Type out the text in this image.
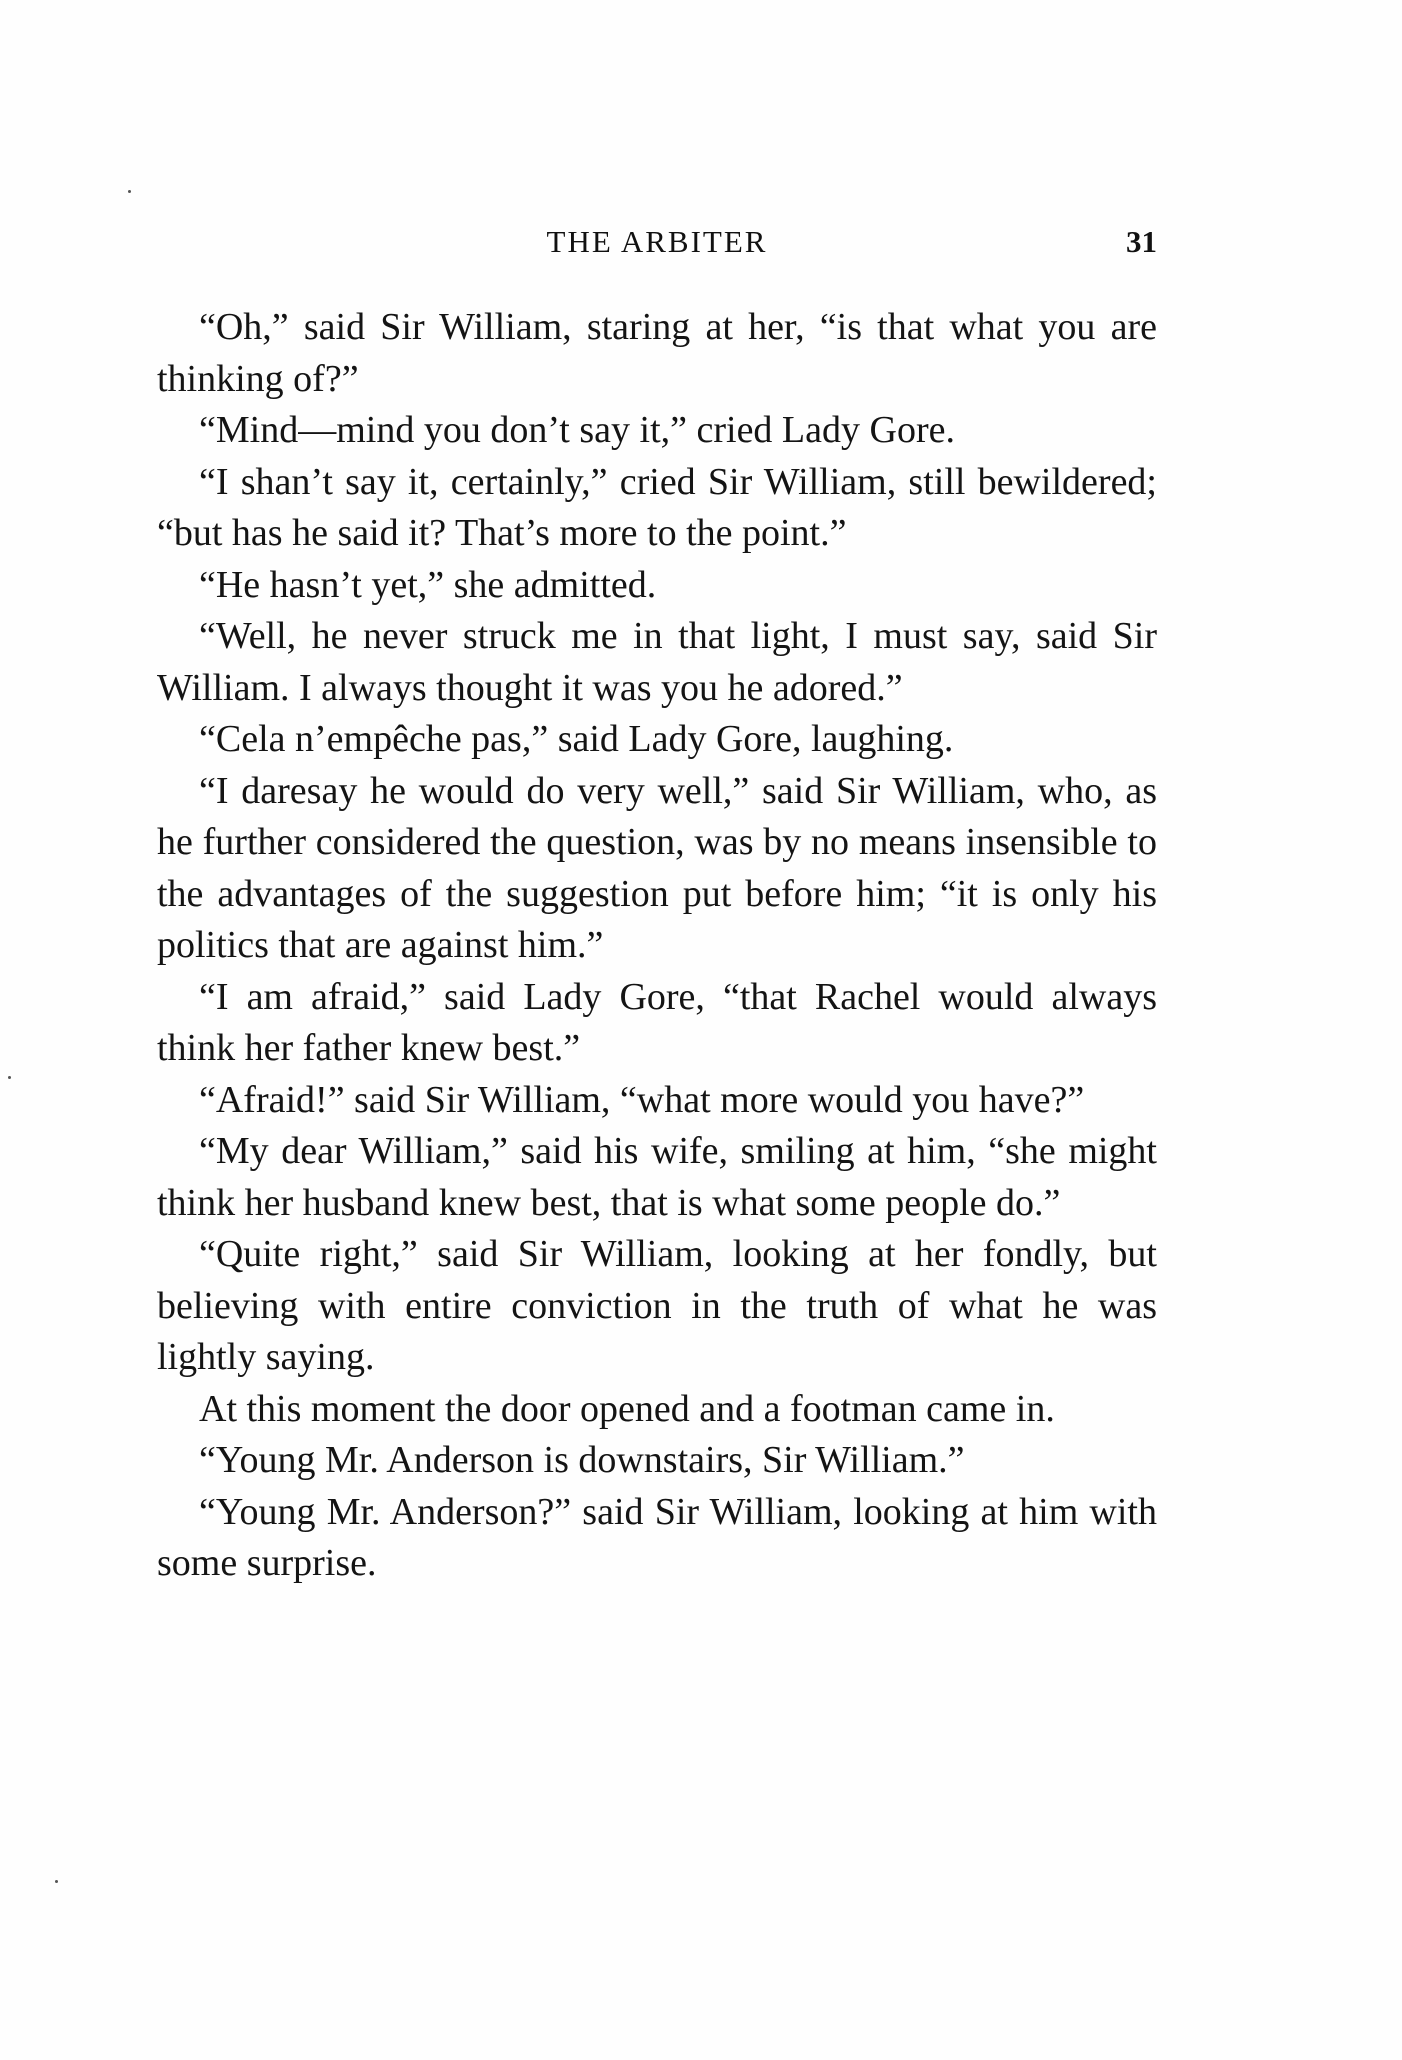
THE ARBITER	31

“Oh,” said Sir William, staring at her, “is that what you are thinking of?”

“Mind—mind you don’t say it,” cried Lady Gore.

“I shan’t say it, certainly,” cried Sir William, still bewildered; “but has he said it? That’s more to the point.”

“He hasn’t yet,” she admitted.

“Well, he never struck me in that light, I must say, said Sir William. I always thought it was you he adored.”

“Cela n’empêche pas,” said Lady Gore, laughing.

“I daresay he would do very well,” said Sir William, who, as he further considered the question, was by no means insensible to the advantages of the suggestion put before him; “it is only his politics that are against him.”

“I am afraid,” said Lady Gore, “that Rachel would always think her father knew best.”

“Afraid!” said Sir William, “what more would you have?”

“My dear William,” said his wife, smiling at him, “she might think her husband knew best, that is what some people do.”

“Quite right,” said Sir William, looking at her fondly, but believing with entire conviction in the truth of what he was lightly saying.

At this moment the door opened and a footman came in.

“Young Mr. Anderson is downstairs, Sir William.”

“Young Mr. Anderson?” said Sir William, looking at him with some surprise.
